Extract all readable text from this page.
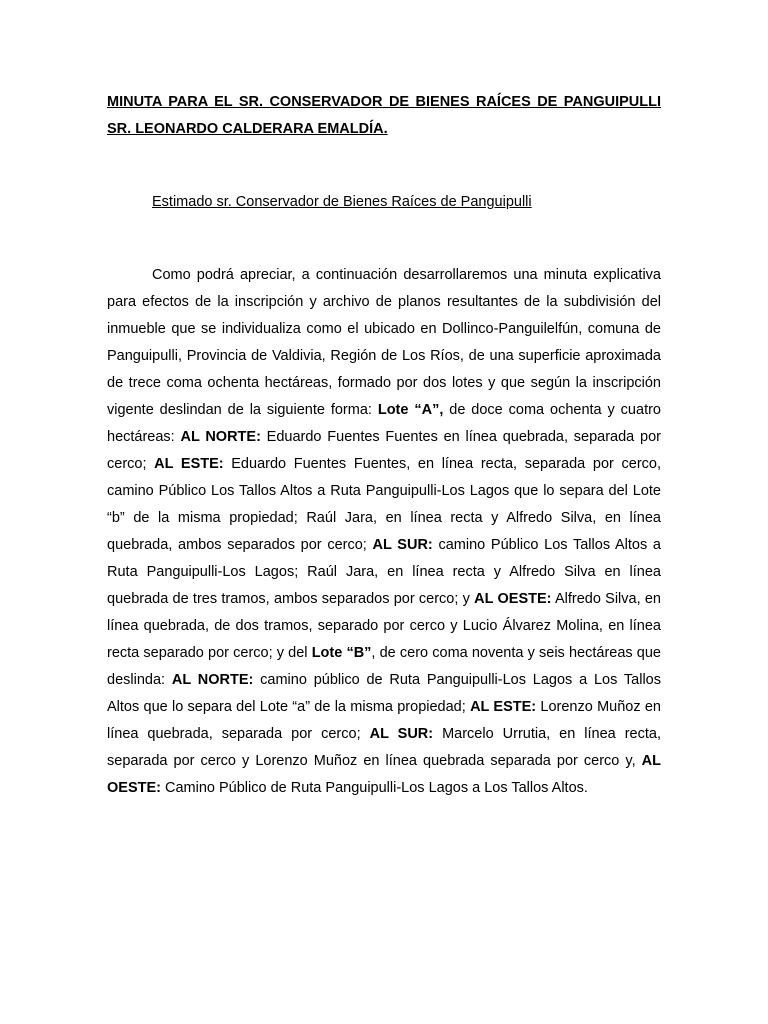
MINUTA PARA EL SR. CONSERVADOR DE BIENES RAÍCES DE PANGUIPULLI SR. LEONARDO CALDERARA EMALDÍA.

Estimado sr. Conservador de Bienes Raíces de Panguipulli

Como podrá apreciar, a continuación desarrollaremos una minuta explicativa para efectos de la inscripción y archivo de planos resultantes de la subdivisión del inmueble que se individualiza como el ubicado en Dollinco-Panguilelfún, comuna de Panguipulli, Provincia de Valdivia, Región de Los Ríos, de una superficie aproximada de trece coma ochenta hectáreas, formado por dos lotes y que según la inscripción vigente deslindan de la siguiente forma: Lote “A”, de doce coma ochenta y cuatro hectáreas: AL NORTE: Eduardo Fuentes Fuentes en línea quebrada, separada por cerco; AL ESTE: Eduardo Fuentes Fuentes, en línea recta, separada por cerco, camino Público Los Tallos Altos a Ruta Panguipulli-Los Lagos que lo separa del Lote “b” de la misma propiedad; Raúl Jara, en línea recta y Alfredo Silva, en línea quebrada, ambos separados por cerco; AL SUR: camino Público Los Tallos Altos a Ruta Panguipulli-Los Lagos; Raúl Jara, en línea recta y Alfredo Silva en línea quebrada de tres tramos, ambos separados por cerco; y AL OESTE: Alfredo Silva, en línea quebrada, de dos tramos, separado por cerco y Lucio Álvarez Molina, en línea recta separado por cerco; y del Lote “B”, de cero coma noventa y seis hectáreas que deslinda: AL NORTE: camino público de Ruta Panguipulli-Los Lagos a Los Tallos Altos que lo separa del Lote “a” de la misma propiedad; AL ESTE: Lorenzo Muñoz en línea quebrada, separada por cerco; AL SUR: Marcelo Urrutia, en línea recta, separada por cerco y Lorenzo Muñoz en línea quebrada separada por cerco y, AL OESTE: Camino Público de Ruta Panguipulli-Los Lagos a Los Tallos Altos.
